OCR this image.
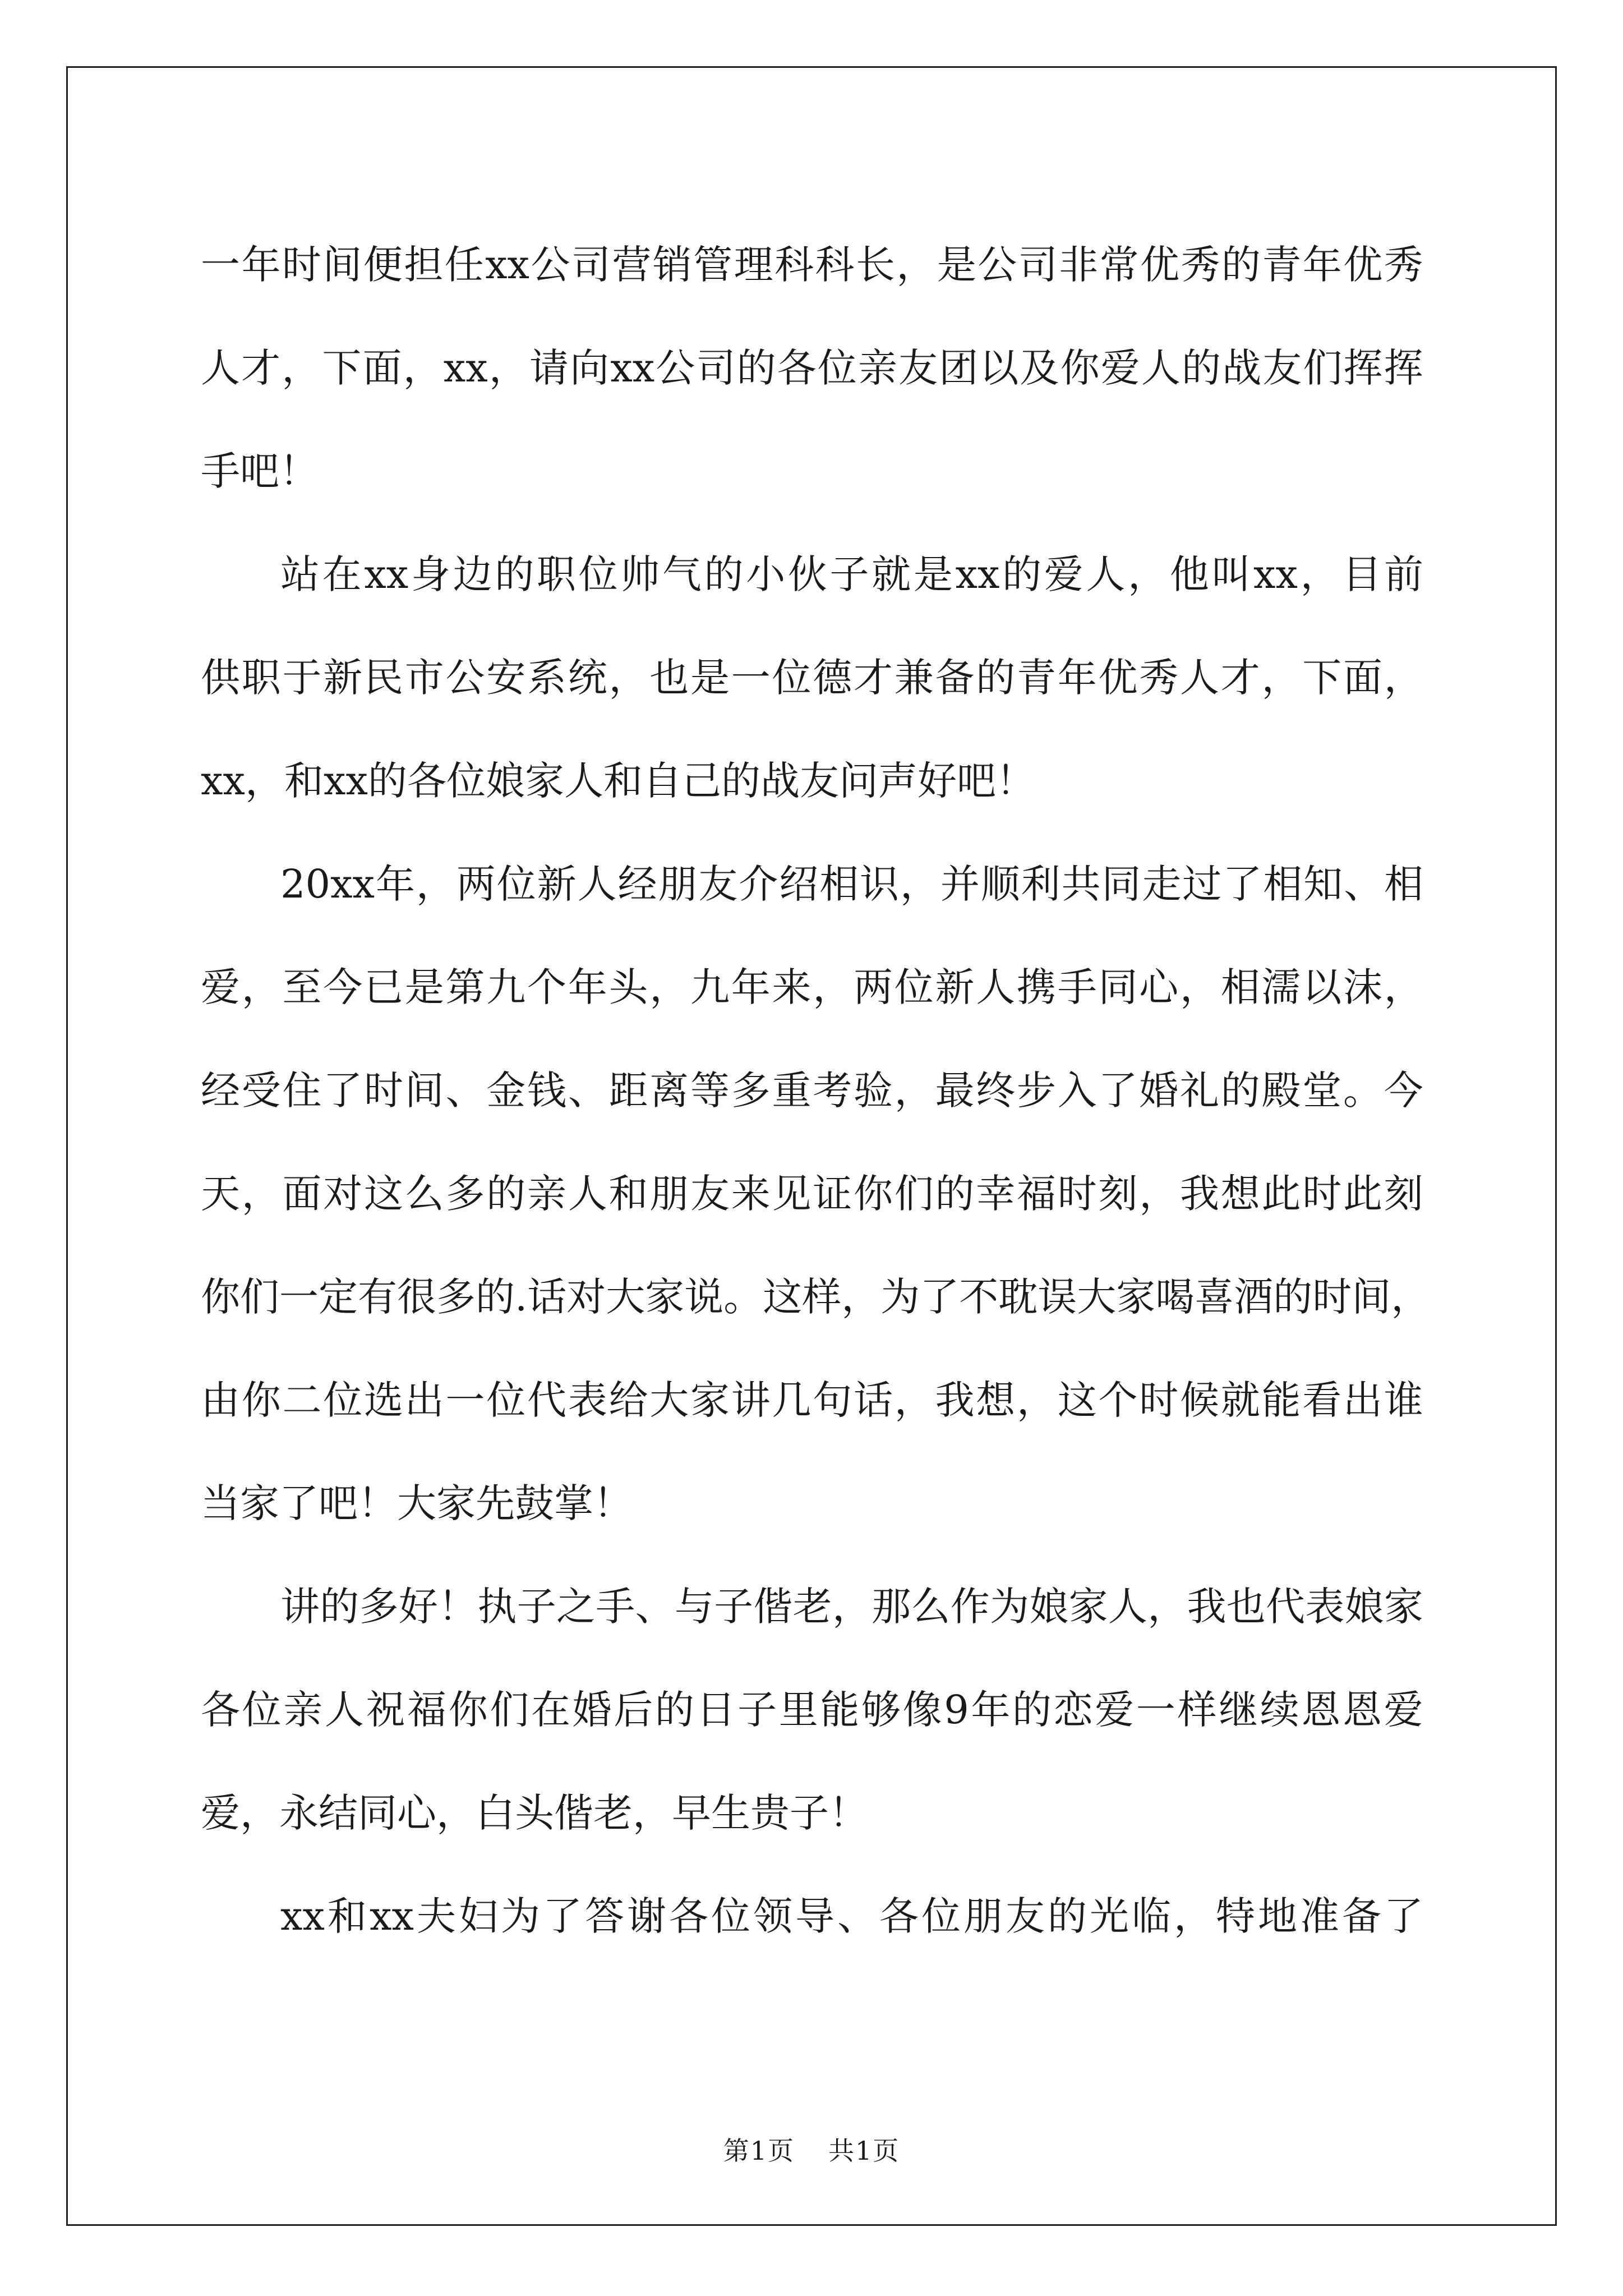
一 年 时 间 便 担 任 xx 公 司 营 销 管 理 科 科 长 ， 是 公 司 非 常 优 秀 的 青 年 优 秀
人 才 ， 下 面 ， xx ， 请 向 xx 公 司 的 各 位 亲 友 团 以 及 你 爱 人 的 战 友 们 挥 挥
手 吧 ！
站 在 xx 身 边 的 职 位 帅 气 的 小 伙 子 就 是 xx 的 爱 人 ， 他 叫 xx ， 目 前
供 职 于 新 民 市 公 安 系 统 ， 也 是 一 位 德 才 兼 备 的 青 年 优 秀 人 才 ， 下 面 ，
xx ， 和 xx 的 各 位 娘 家 人 和 自 己 的 战 友 问 声 好 吧 ！
20xx 年 ， 两 位 新 人 经 朋 友 介 绍 相 识 ， 并 顺 利 共 同 走 过 了 相 知 、 相
爱 ， 至 今 已 是 第 九 个 年 头 ， 九 年 来 ， 两 位 新 人 携 手 同 心 ， 相 濡 以 沫 ，
经 受 住 了 时 间 、 金 钱 、 距 离 等 多 重 考 验 ， 最 终 步 入 了 婚 礼 的 殿 堂 。 今
天 ， 面 对 这 么 多 的 亲 人 和 朋 友 来 见 证 你 们 的 幸 福 时 刻 ， 我 想 此 时 此 刻
你 们 一 定 有 很 多 的 . 话 对 大 家 说 。 这 样 ， 为 了 不 耽 误 大 家 喝 喜 酒 的 时 间 ，
由 你 二 位 选 出 一 位 代 表 给 大 家 讲 几 句 话 ， 我 想 ， 这 个 时 候 就 能 看 出 谁
当 家 了 吧 ！ 大 家 先 鼓 掌 ！
讲 的 多 好 ！ 执 子 之 手 、 与 子 偕 老 ， 那 么 作 为 娘 家 人 ， 我 也 代 表 娘 家
各 位 亲 人 祝 福 你 们 在 婚 后 的 日 子 里 能 够 像 9 年 的 恋 爱 一 样 继 续 恩 恩 爱
爱 ， 永 结 同 心 ， 白 头 偕 老 ， 早 生 贵 子 ！
xx 和 xx 夫 妇 为 了 答 谢 各 位 领 导 、 各 位 朋 友 的 光 临 ， 特 地 准 备 了
第1页 共1页
